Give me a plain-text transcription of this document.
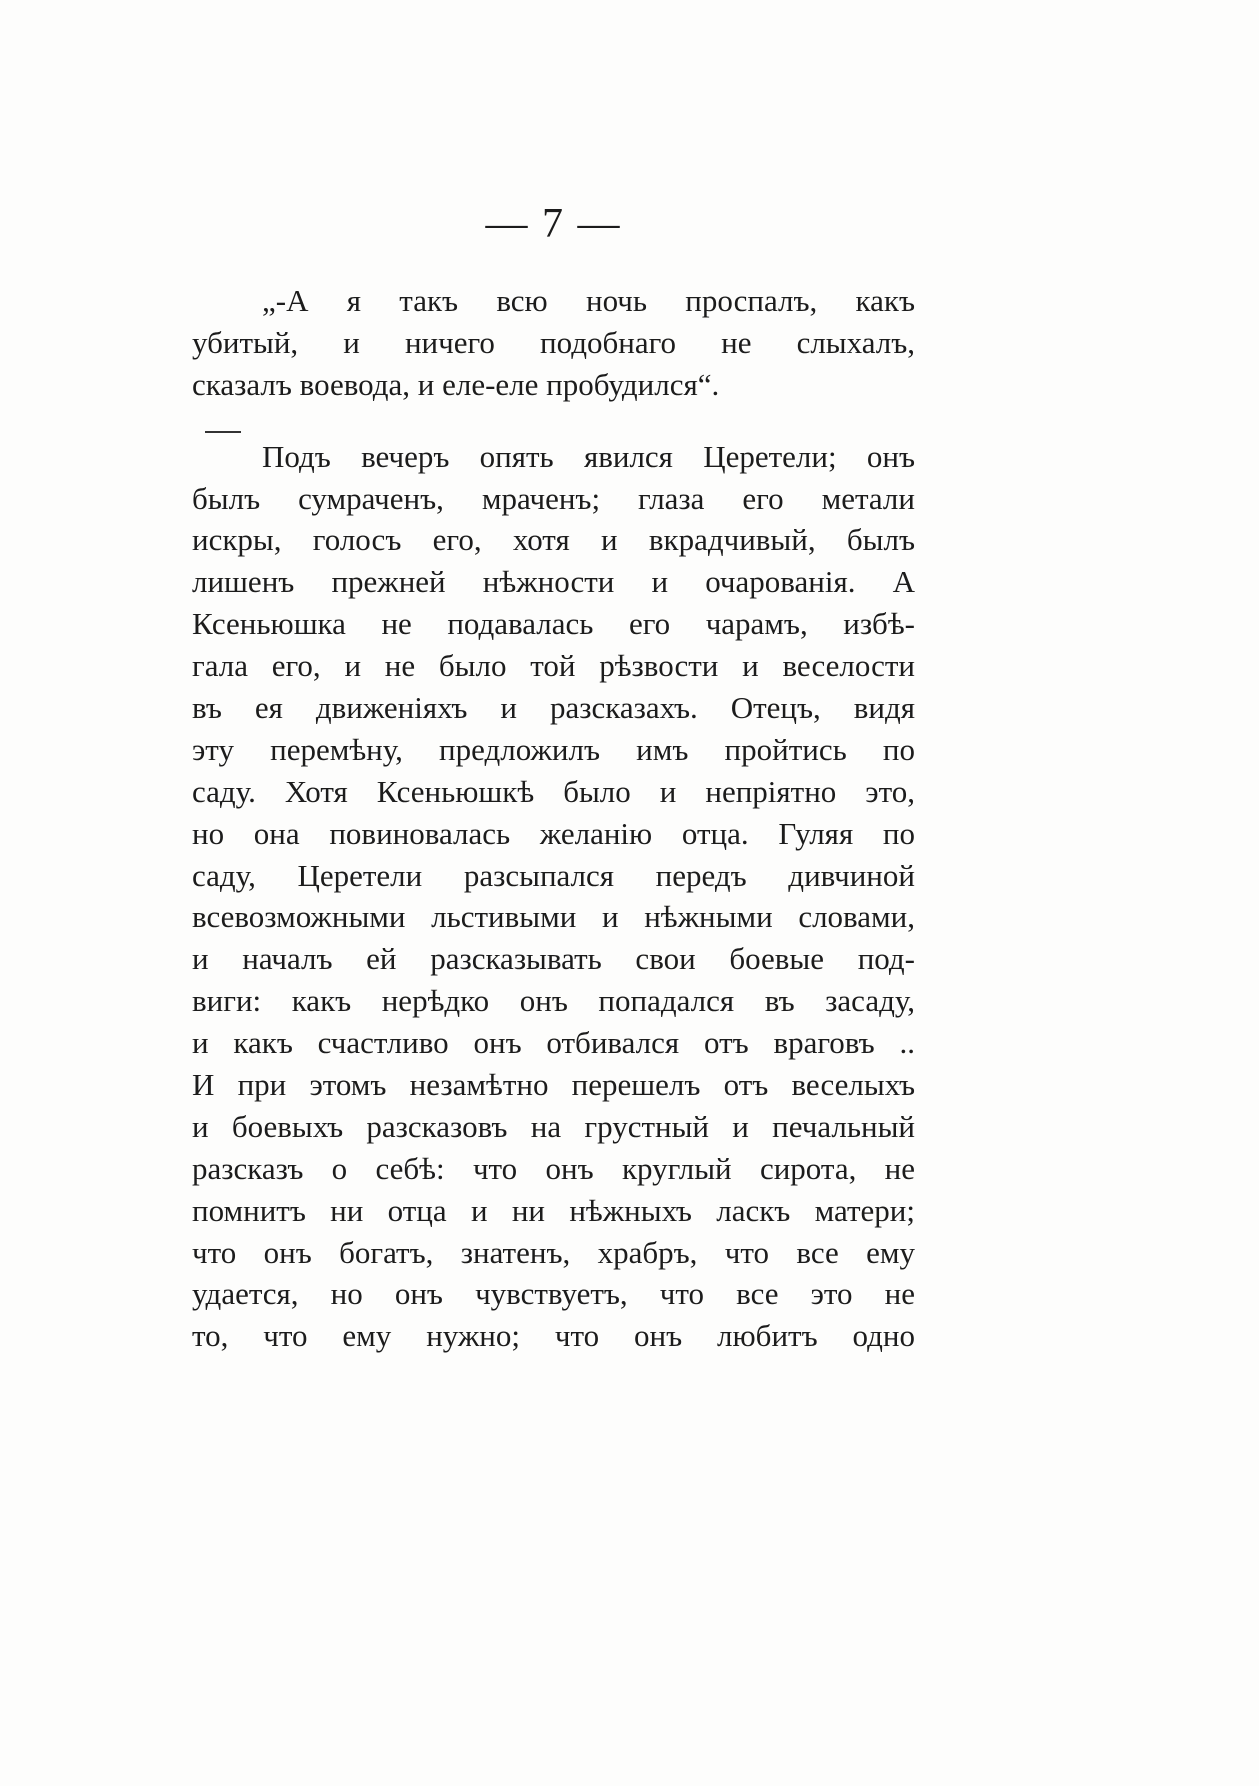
— 7 —
„-А я такъ всю ночь проспалъ, какъ
убитый, и ничего подобнаго не слыхалъ,
сказалъ воевода, и еле-еле пробудился“.
Подъ вечеръ опять явился Церетели; онъ
былъ сумраченъ, мраченъ; глаза его метали
искры, голосъ его, хотя и вкрадчивый, былъ
лишенъ прежней нѣжности и очарованія. А
Ксеньюшка не подавалась его чарамъ, избѣ-
гала его, и не было той рѣзвости и веселости
въ ея движеніяхъ и разсказахъ. Отецъ, видя
эту перемѣну, предложилъ имъ пройтись по
саду. Хотя Ксеньюшкѣ было и непріятно это,
но она повиновалась желанію отца. Гуляя по
саду, Церетели разсыпался передъ дивчиной
всевозможными льстивыми и нѣжными словами,
и началъ ей разсказывать свои боевые под-
виги: какъ нерѣдко онъ попадался въ засаду,
и какъ счастливо онъ отбивался отъ враговъ ..
И при этомъ незамѣтно перешелъ отъ веселыхъ
и боевыхъ разсказовъ на грустный и печальный
разсказъ о себѣ: что онъ круглый сирота, не
помнитъ ни отца и ни нѣжныхъ ласкъ матери;
что онъ богатъ, знатенъ, храбръ, что все ему
удается, но онъ чувствуетъ, что все это не
то, что ему нужно; что онъ любитъ одно
